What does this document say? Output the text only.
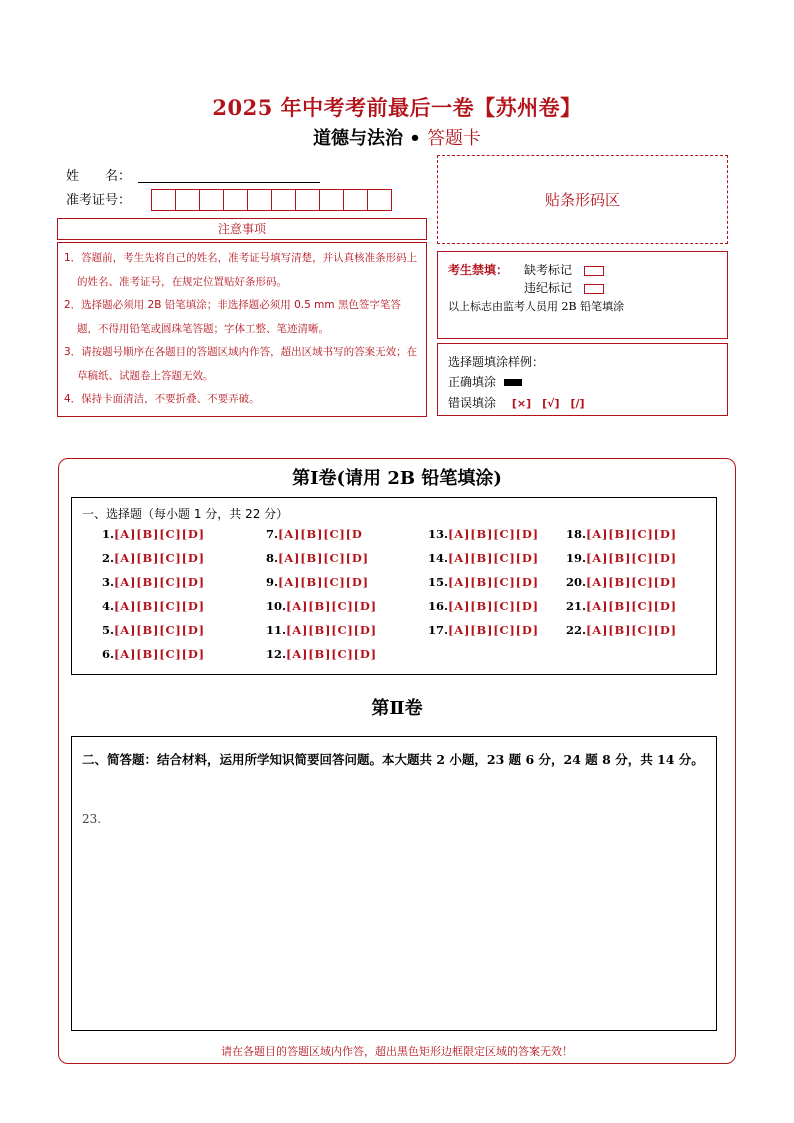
2025 年中考考前最后一卷【苏州卷】
道德与法治 • 答题卡
姓　　名：
准考证号：	贴条形码区
注意事项
1．答题前，考生先将自己的姓名，准考证号填写清楚，并认真核准条形码上的姓名、准考证号，在规定位置贴好条形码。
2．选择题必须用 2B 铅笔填涂；非选择题必须用 0.5 mm 黑色签字笔答题，不得用铅笔或圆珠笔答题；字体工整、笔迹清晰。
3．请按题号顺序在各题目的答题区域内作答，超出区域书写的答案无效；在草稿纸、试题卷上答题无效。
4．保持卡面清洁，不要折叠、不要弄破。
考生禁填： 缺考标记
违纪标记
以上标志由监考人员用 2B 铅笔填涂
选择题填涂样例：
正确填涂
错误填涂 [×]　[√]　[/]
第Ⅰ卷(请用 2B 铅笔填涂)
一、选择题（每小题 1 分，共 22 分）
1.[A][B][C][D]
2.[A][B][C][D]
3.[A][B][C][D]
4.[A][B][C][D]
5.[A][B][C][D]
6.[A][B][C][D]
7.[A][B][C][D
8.[A][B][C][D]
9.[A][B][C][D]
10.[A][B][C][D]
11.[A][B][C][D]
12.[A][B][C][D]
13.[A][B][C][D]
14.[A][B][C][D]
15.[A][B][C][D]
16.[A][B][C][D]
17.[A][B][C][D]
18.[A][B][C][D]
19.[A][B][C][D]
20.[A][B][C][D]
21.[A][B][C][D]
22.[A][B][C][D]
第Ⅱ卷
二、简答题：结合材料，运用所学知识简要回答问题。本大题共 2 小题，23 题 6 分，24 题 8 分，共 14 分。
23.
请在各题目的答题区域内作答，超出黑色矩形边框限定区域的答案无效！
